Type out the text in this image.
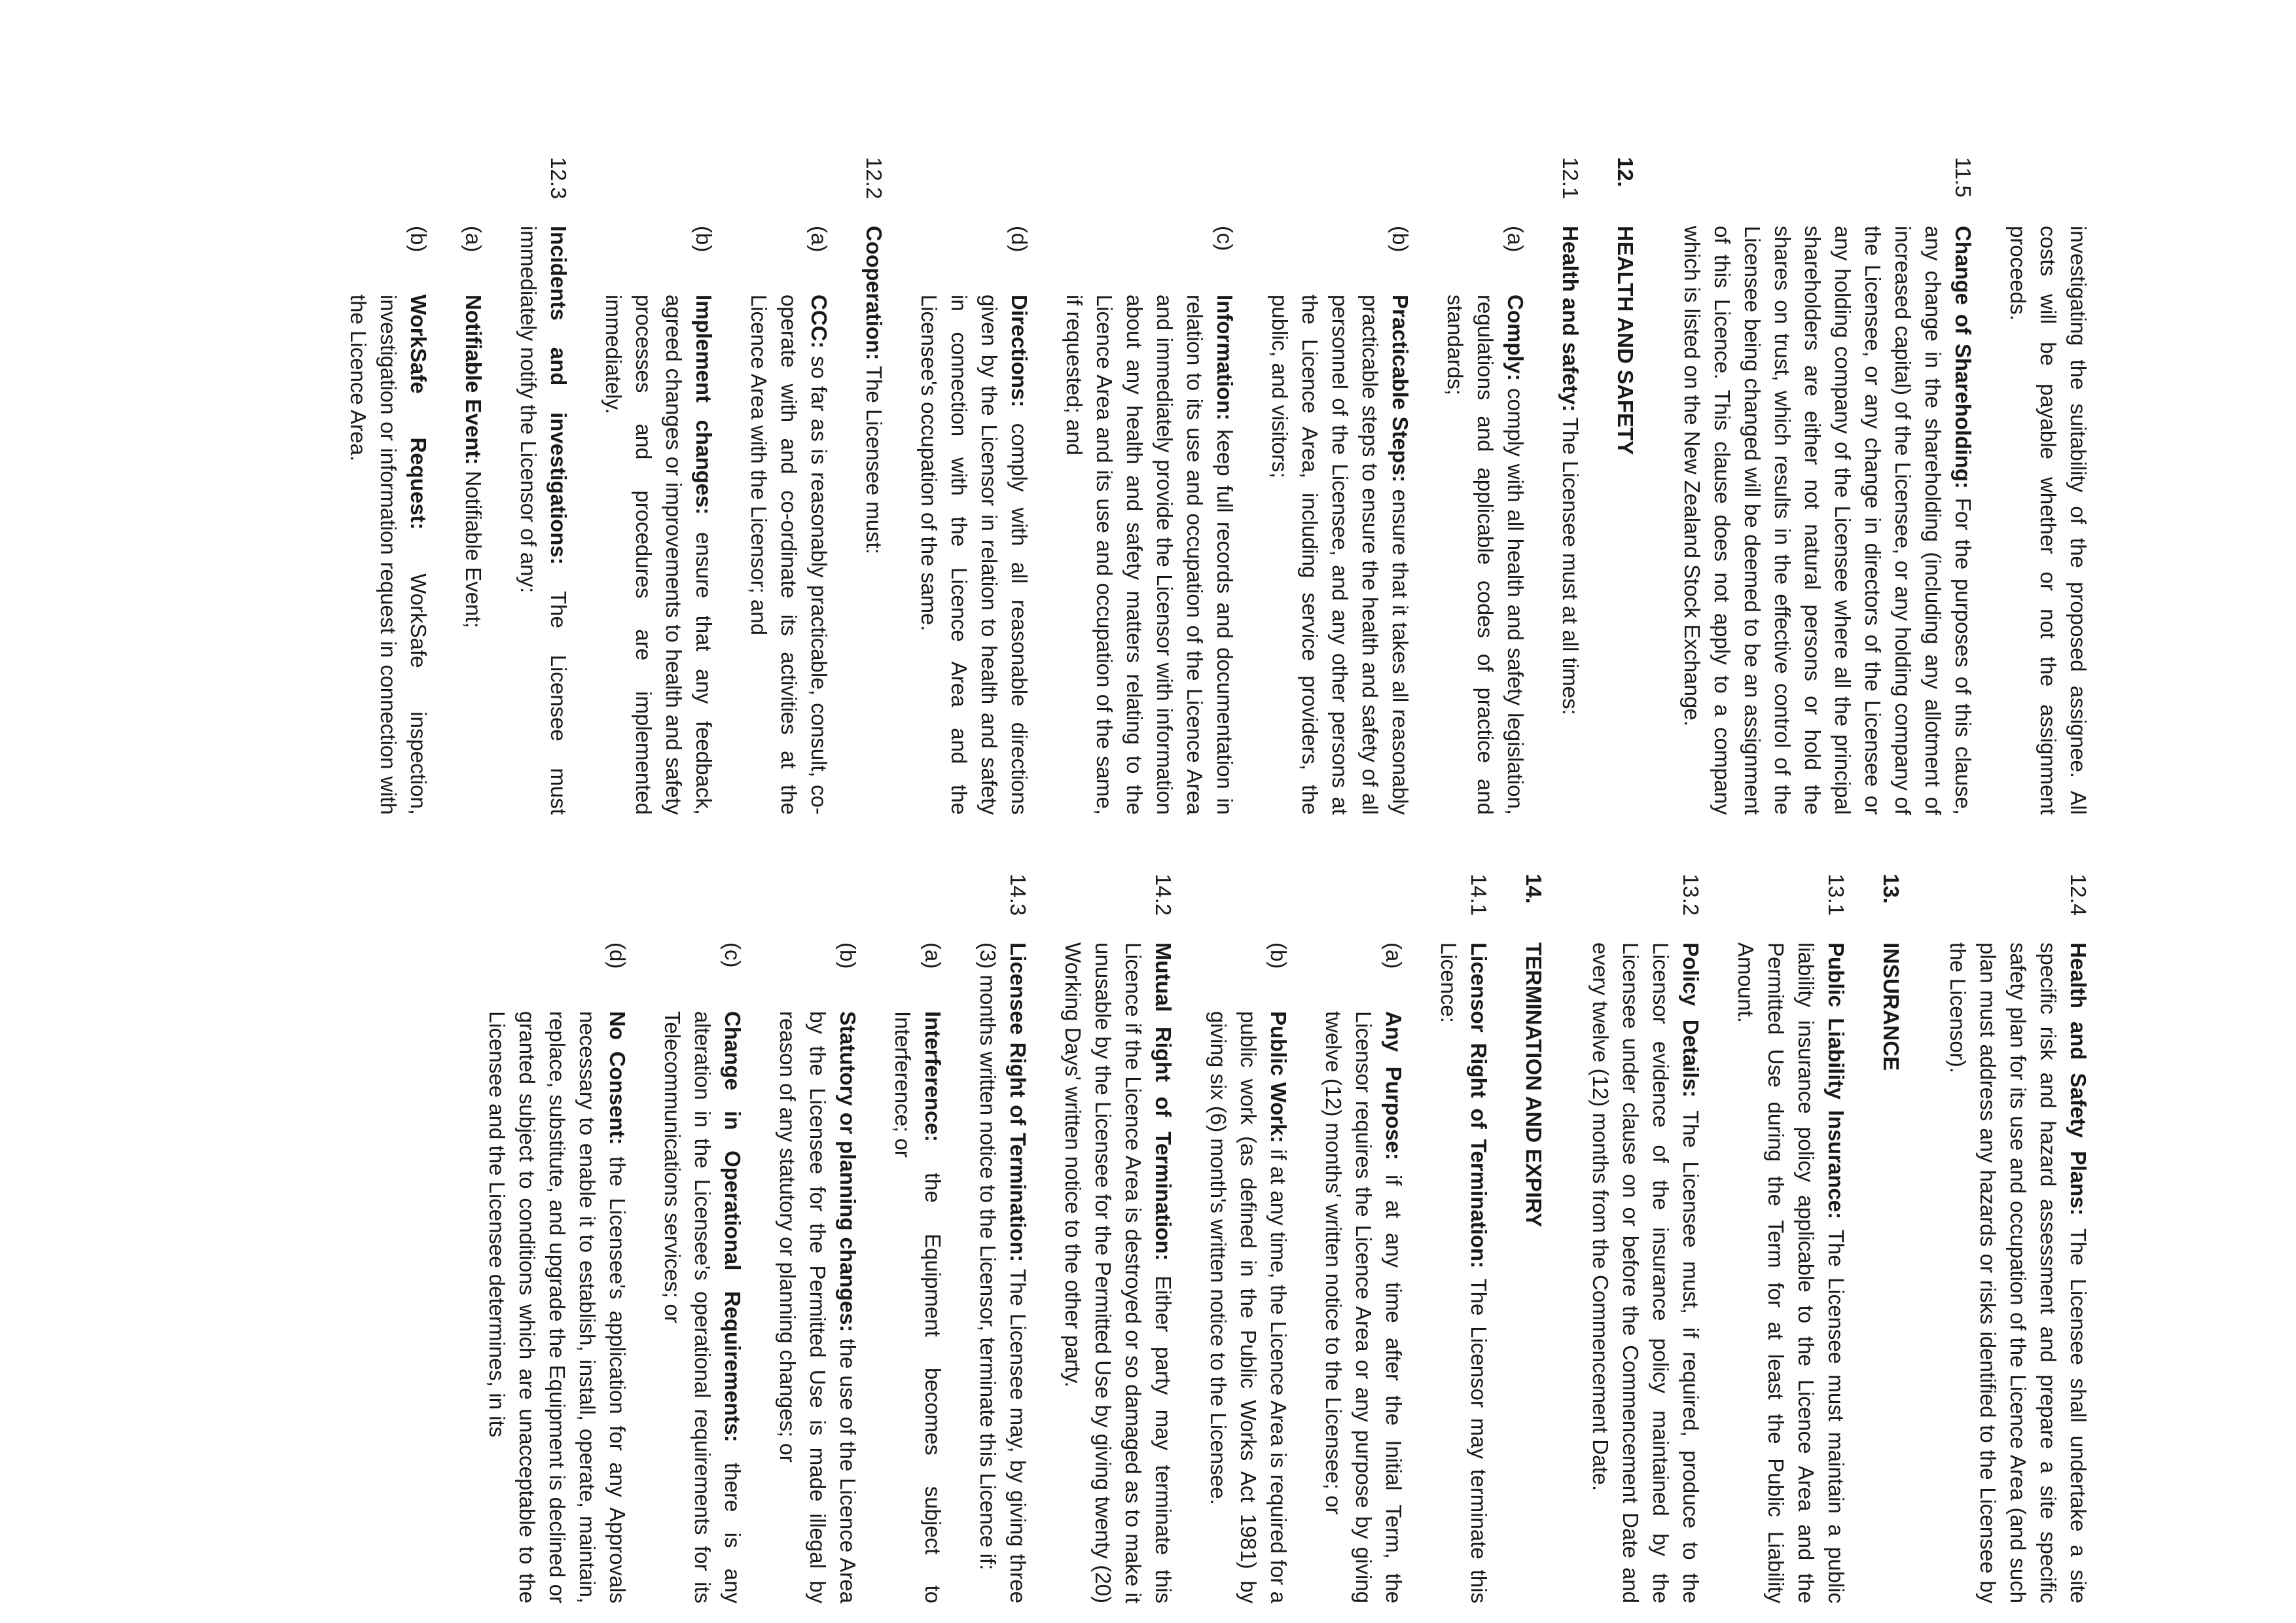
investigating the suitability of the proposed assignee. All costs will be payable whether or not the assignment proceeds.
11.5
Change of Shareholding: For the purposes of this clause, any change in the shareholding (including any allotment of increased capital) of the Licensee, or any holding company of the Licensee, or any change in directors of the Licensee or any holding company of the Licensee where all the principal shareholders are either not natural persons or hold the shares on trust, which results in the effective control of the Licensee being changed will be deemed to be an assignment of this Licence. This clause does not apply to a company which is listed on the New Zealand Stock Exchange.
12.
HEALTH AND SAFETY
12.1
Health and safety: The Licensee must at all times:
(a)
Comply: comply with all health and safety legislation, regulations and applicable codes of practice and standards;
(b)
Practicable Steps: ensure that it takes all reasonably practicable steps to ensure the health and safety of all personnel of the Licensee, and any other persons at the Licence Area, including service providers, the public, and visitors;
(c)
Information: keep full records and documentation in relation to its use and occupation of the Licence Area and immediately provide the Licensor with information about any health and safety matters relating to the Licence Area and its use and occupation of the same, if requested; and
(d)
Directions: comply with all reasonable directions given by the Licensor in relation to health and safety in connection with the Licence Area and the Licensee's occupation of the same.
12.2
Cooperation: The Licensee must:
(a)
CCC: so far as is reasonably practicable, consult, co-operate with and co-ordinate its activities at the Licence Area with the Licensor; and
(b)
Implement changes: ensure that any feedback, agreed changes or improvements to health and safety processes and procedures are implemented immediately.
12.3
Incidents and investigations: The Licensee must immediately notify the Licensor of any:
(a)
Notifiable Event: Notifiable Event;
(b)
WorkSafe Request: WorkSafe inspection, investigation or information request in connection with the Licence Area.
12.4
Health and Safety Plans: The Licensee shall undertake a site specific risk and hazard assessment and prepare a site specific safety plan for its use and occupation of the Licence Area (and such plan must address any hazards or risks identified to the Licensee by the Licensor).
13.
INSURANCE
13.1
Public Liability Insurance: The Licensee must maintain a public liability insurance policy applicable to the Licence Area and the Permitted Use during the Term for at least the Public Liability Amount.
13.2
Policy Details: The Licensee must, if required, produce to the Licensor evidence of the insurance policy maintained by the Licensee under clause on or before the Commencement Date and every twelve (12) months from the Commencement Date.
14.
TERMINATION AND EXPIRY
14.1
Licensor Right of Termination: The Licensor may terminate this Licence:
(a)
Any Purpose: if at any time after the Initial Term, the Licensor requires the Licence Area or any purpose by giving twelve (12) months' written notice to the Licensee; or
(b)
Public Work: if at any time, the Licence Area is required for a public work (as defined in the Public Works Act 1981) by giving six (6) month's written notice to the Licensee.
14.2
Mutual Right of Termination: Either party may terminate this Licence if the Licence Area is destroyed or so damaged as to make it unusable by the Licensee for the Permitted Use by giving twenty (20) Working Days' written notice to the other party.
14.3
Licensee Right of Termination: The Licensee may, by giving three (3) months written notice to the Licensor, terminate this Licence if:
(a)
Interference: the Equipment becomes subject to Interference; or
(b)
Statutory or planning changes: the use of the Licence Area by the Licensee for the Permitted Use is made illegal by reason of any statutory or planning changes; or
(c)
Change in Operational Requirements: there is any alteration in the Licensee's operational requirements for its Telecommunications services; or
(d)
No Consent: the Licensee's application for any Approvals necessary to enable it to establish, install, operate, maintain, replace, substitute, and upgrade the Equipment is declined or granted subject to conditions which are unacceptable to the Licensee and the Licensee determines, in its
